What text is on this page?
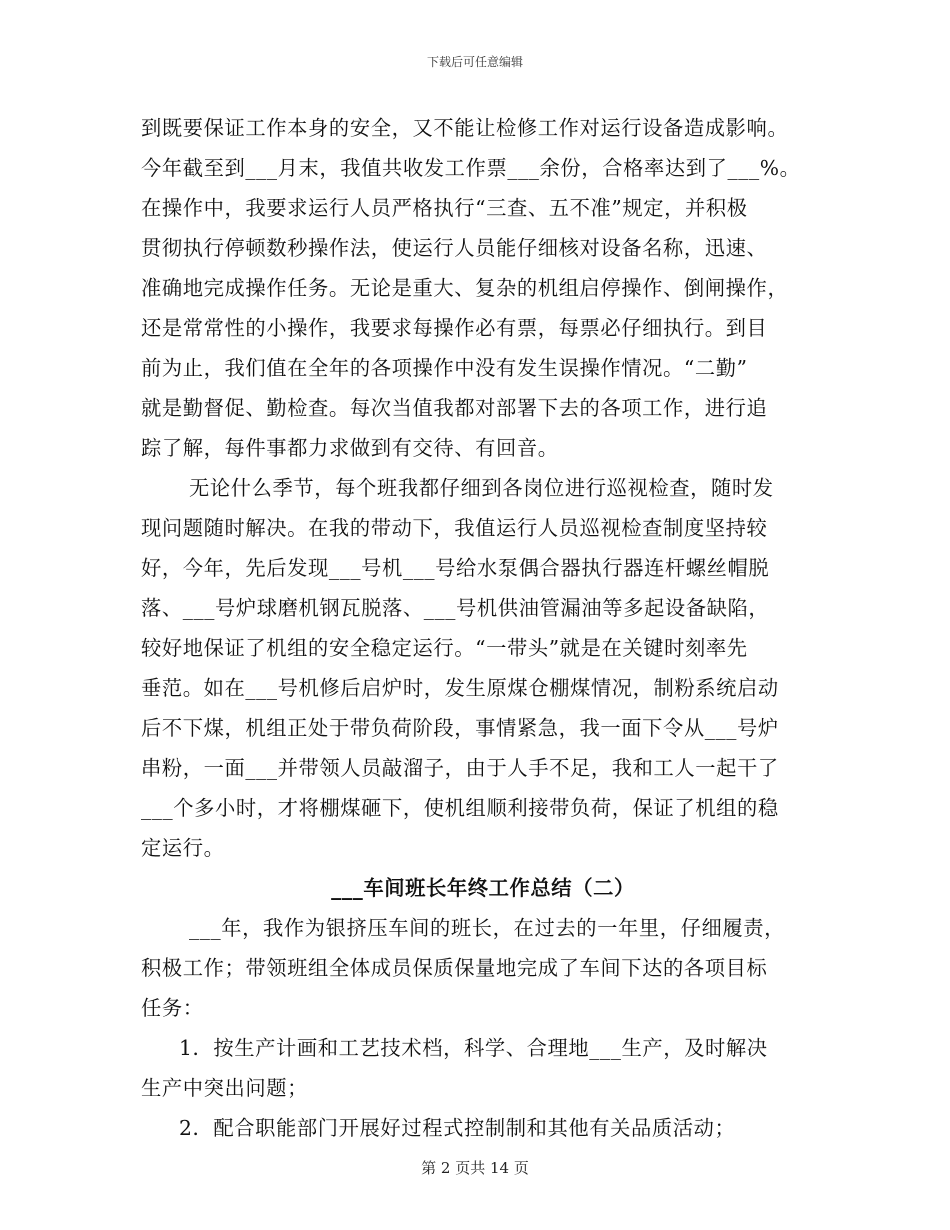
下载后可任意编辑
到既要保证工作本身的安全，又不能让检修工作对运行设备造成影响。
今年截至到___月末，我值共收发工作票___余份，合格率达到了___%。
在操作中，我要求运行人员严格执行“三查、五不准”规定，并积极
贯彻执行停顿数秒操作法，使运行人员能仔细核对设备名称，迅速、
准确地完成操作任务。无论是重大、复杂的机组启停操作、倒闸操作，
还是常常性的小操作，我要求每操作必有票，每票必仔细执行。到目
前为止，我们值在全年的各项操作中没有发生误操作情况。“二勤”
就是勤督促、勤检查。每次当值我都对部署下去的各项工作，进行追
踪了解，每件事都力求做到有交待、有回音。
无论什么季节，每个班我都仔细到各岗位进行巡视检查，随时发
现问题随时解决。在我的带动下，我值运行人员巡视检查制度坚持较
好，今年，先后发现___号机___号给水泵偶合器执行器连杆螺丝帽脱
落、___号炉球磨机钢瓦脱落、___号机供油管漏油等多起设备缺陷，
较好地保证了机组的安全稳定运行。“一带头”就是在关键时刻率先
垂范。如在___号机修后启炉时，发生原煤仓棚煤情况，制粉系统启动
后不下煤，机组正处于带负荷阶段，事情紧急，我一面下令从___号炉
串粉，一面___并带领人员敲溜子，由于人手不足，我和工人一起干了
___个多小时，才将棚煤砸下，使机组顺利接带负荷，保证了机组的稳
定运行。
___车间班长年终工作总结（二）
___年，我作为银挤压车间的班长，在过去的一年里，仔细履责，
积极工作；带领班组全体成员保质保量地完成了车间下达的各项目标
任务：
1．按生产计画和工艺技术档，科学、合理地___生产，及时解决
生产中突出问题；
2．配合职能部门开展好过程式控制制和其他有关品质活动；
第 2 页共 14 页
